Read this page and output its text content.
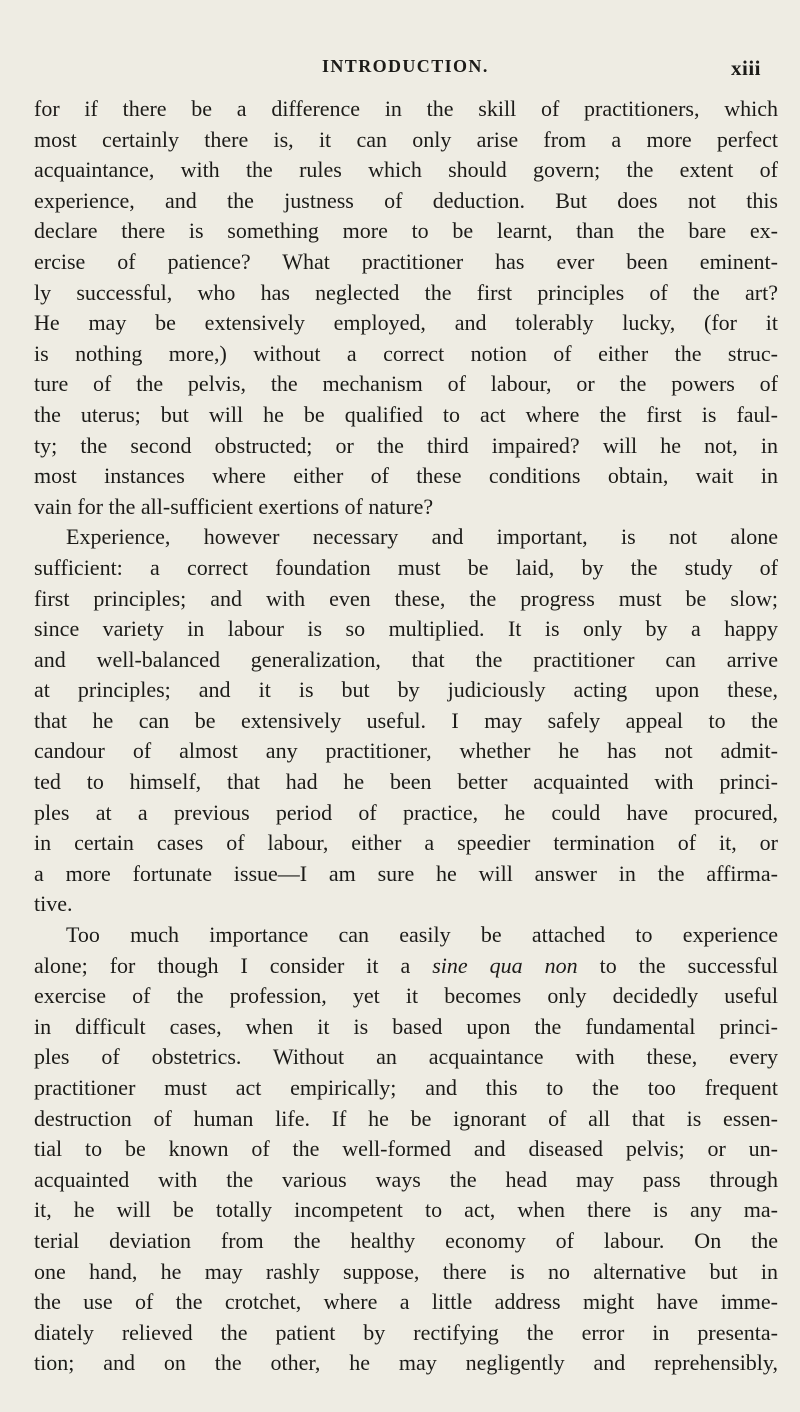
INTRODUCTION.	xiii
for if there be a difference in the skill of practitioners, which
most certainly there is, it can only arise from a more perfect
acquaintance, with the rules which should govern; the extent of
experience, and the justness of deduction. But does not this
declare there is something more to be learnt, than the bare ex-
ercise of patience? What practitioner has ever been eminent-
ly successful, who has neglected the first principles of the art?
He may be extensively employed, and tolerably lucky, (for it
is nothing more,) without a correct notion of either the struc-
ture of the pelvis, the mechanism of labour, or the powers of
the uterus; but will he be qualified to act where the first is faul-
ty; the second obstructed; or the third impaired? will he not, in
most instances where either of these conditions obtain, wait in
vain for the all-sufficient exertions of nature?
Experience, however necessary and important, is not alone
sufficient: a correct foundation must be laid, by the study of
first principles; and with even these, the progress must be slow;
since variety in labour is so multiplied. It is only by a happy
and well-balanced generalization, that the practitioner can arrive
at principles; and it is but by judiciously acting upon these,
that he can be extensively useful. I may safely appeal to the
candour of almost any practitioner, whether he has not admit-
ted to himself, that had he been better acquainted with princi-
ples at a previous period of practice, he could have procured,
in certain cases of labour, either a speedier termination of it, or
a more fortunate issue—I am sure he will answer in the affirma-
tive.
Too much importance can easily be attached to experience
alone; for though I consider it a sine qua non to the successful
exercise of the profession, yet it becomes only decidedly useful
in difficult cases, when it is based upon the fundamental princi-
ples of obstetrics. Without an acquaintance with these, every
practitioner must act empirically; and this to the too frequent
destruction of human life. If he be ignorant of all that is essen-
tial to be known of the well-formed and diseased pelvis; or un-
acquainted with the various ways the head may pass through
it, he will be totally incompetent to act, when there is any ma-
terial deviation from the healthy economy of labour. On the
one hand, he may rashly suppose, there is no alternative but in
the use of the crotchet, where a little address might have imme-
diately relieved the patient by rectifying the error in presenta-
tion; and on the other, he may negligently and reprehensibly,
